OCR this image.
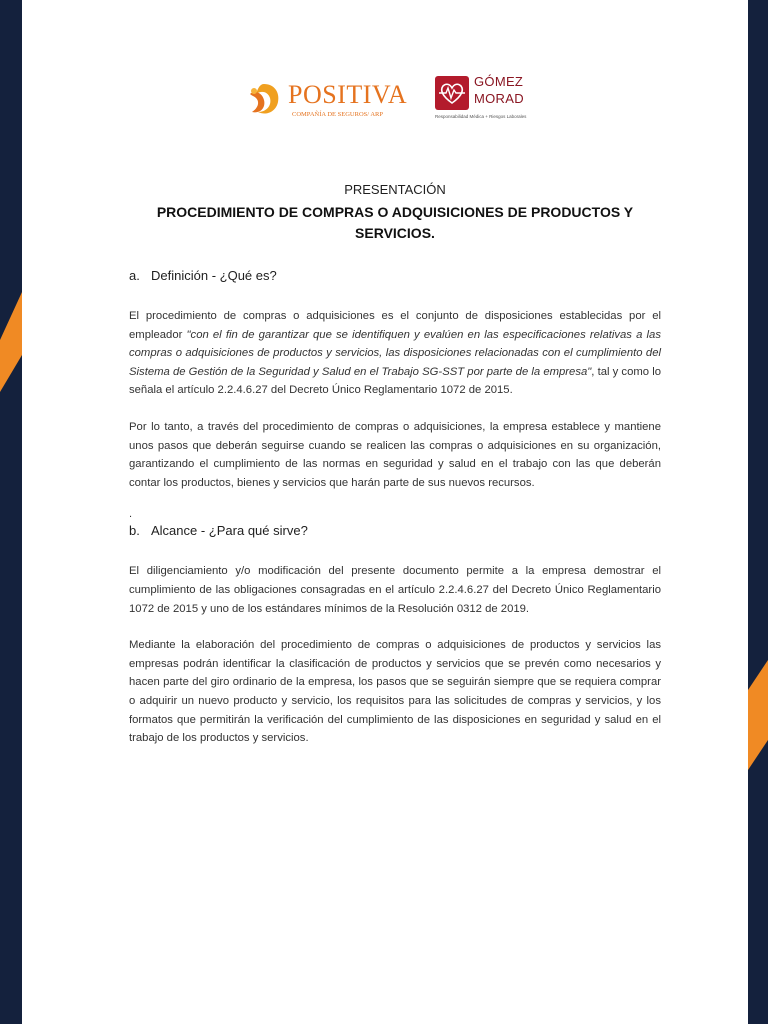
POSITIVA
COMPAÑÍA DE SEGUROS/ ARP
GÓMEZ
MORAD
Responsabilidad Médica + Riesgos Laborales

PRESENTACIÓN

PROCEDIMIENTO DE COMPRAS O ADQUISICIONES DE PRODUCTOS Y
SERVICIOS.

a. Definición - ¿Qué es?

El procedimiento de compras o adquisiciones es el conjunto de disposiciones establecidas por el empleador "con el fin de garantizar que se identifiquen y evalúen en las especificaciones relativas a las compras o adquisiciones de productos y servicios, las disposiciones relacionadas con el cumplimiento del Sistema de Gestión de la Seguridad y Salud en el Trabajo SG-SST por parte de la empresa", tal y como lo señala el artículo 2.2.4.6.27 del Decreto Único Reglamentario 1072 de 2015.

Por lo tanto, a través del procedimiento de compras o adquisiciones, la empresa establece y mantiene unos pasos que deberán seguirse cuando se realicen las compras o adquisiciones en su organización, garantizando el cumplimiento de las normas en seguridad y salud en el trabajo con las que deberán contar los productos, bienes y servicios que harán parte de sus nuevos recursos.

.

b. Alcance - ¿Para qué sirve?

El diligenciamiento y/o modificación del presente documento permite a la empresa demostrar el cumplimiento de las obligaciones consagradas en el artículo 2.2.4.6.27 del Decreto Único Reglamentario 1072 de 2015 y uno de los estándares mínimos de la Resolución 0312 de 2019.

Mediante la elaboración del procedimiento de compras o adquisiciones de productos y servicios las empresas podrán identificar la clasificación de productos y servicios que se prevén como necesarios y hacen parte del giro ordinario de la empresa, los pasos que se seguirán siempre que se requiera comprar o adquirir un nuevo producto y servicio, los requisitos para las solicitudes de compras y servicios, y los formatos que permitirán la verificación del cumplimiento de las disposiciones en seguridad y salud en el trabajo de los productos y servicios.
